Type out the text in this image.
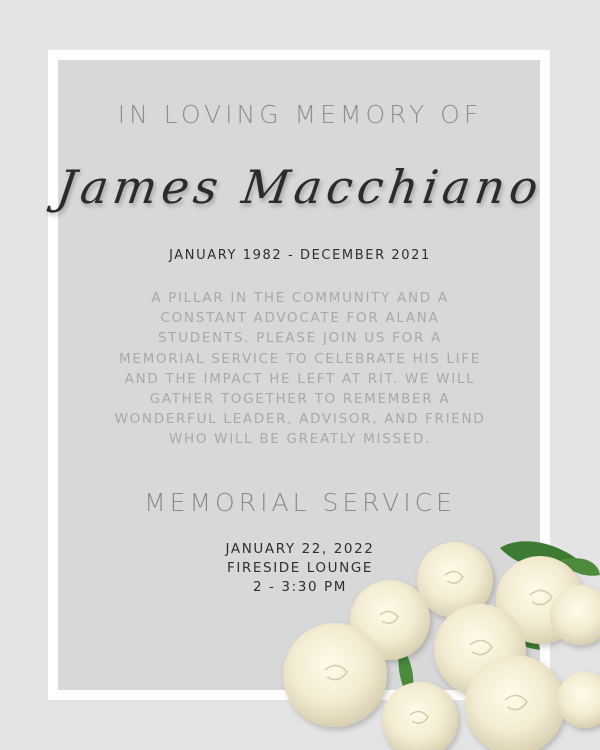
IN LOVING MEMORY OF
James Macchiano
JANUARY 1982 - DECEMBER 2021
A PILLAR IN THE COMMUNITY AND A
CONSTANT ADVOCATE FOR ALANA
STUDENTS. PLEASE JOIN US FOR A
MEMORIAL SERVICE TO CELEBRATE HIS LIFE
AND THE IMPACT HE LEFT AT RIT. WE WILL
GATHER TOGETHER TO REMEMBER A
WONDERFUL LEADER, ADVISOR, AND FRIEND
WHO WILL BE GREATLY MISSED.
MEMORIAL SERVICE
JANUARY 22, 2022
FIRESIDE LOUNGE
2 - 3:30 PM
